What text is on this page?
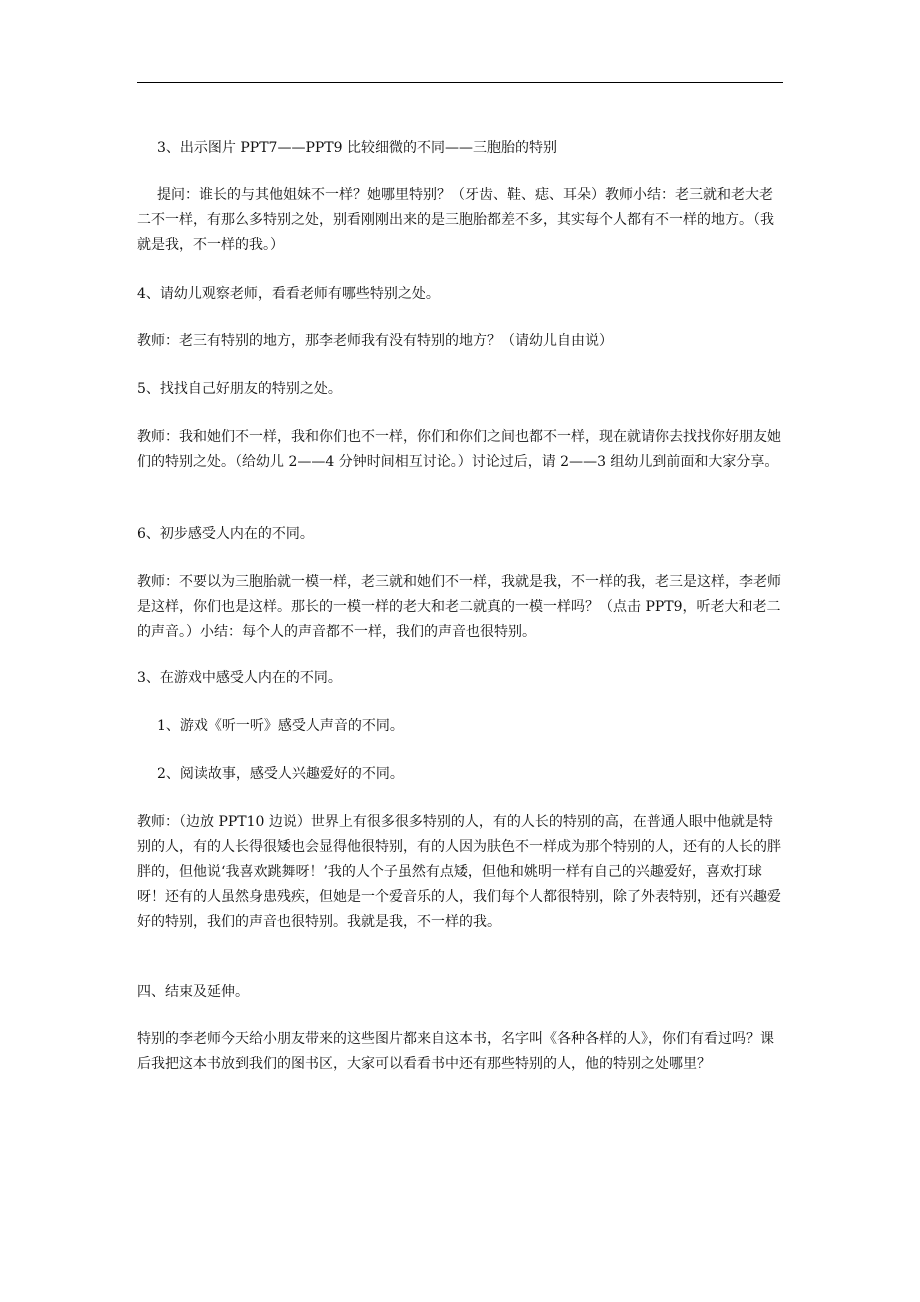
3、出示图片 PPT7——PPT9 比较细微的不同——三胞胎的特别
提问：谁长的与其他姐妹不一样？她哪里特别？（牙齿、鞋、痣、耳朵）教师小结：老三就和老大老二不一样，有那么多特别之处，别看刚刚出来的是三胞胎都差不多，其实每个人都有不一样的地方。（我就是我，不一样的我。）
4、请幼儿观察老师，看看老师有哪些特别之处。
教师：老三有特别的地方，那李老师我有没有特别的地方？（请幼儿自由说）
5、找找自己好朋友的特别之处。
教师：我和她们不一样，我和你们也不一样，你们和你们之间也都不一样，现在就请你去找找你好朋友她们的特别之处。（给幼儿 2——4 分钟时间相互讨论。）讨论过后，请 2——3 组幼儿到前面和大家分享。
6、初步感受人内在的不同。
教师：不要以为三胞胎就一模一样，老三就和她们不一样，我就是我，不一样的我，老三是这样，李老师是这样，你们也是这样。那长的一模一样的老大和老二就真的一模一样吗？（点击 PPT9，听老大和老二的声音。）小结：每个人的声音都不一样，我们的声音也很特别。
3、在游戏中感受人内在的不同。
1、游戏《听一听》感受人声音的不同。
2、阅读故事，感受人兴趣爱好的不同。
教师：（边放 PPT10 边说）世界上有很多很多特别的人，有的人长的特别的高，在普通人眼中他就是特别的人，有的人长得很矮也会显得他很特别，有的人因为肤色不一样成为那个特别的人，还有的人长的胖胖的，但他说‘我喜欢跳舞呀！’我的人个子虽然有点矮，但他和姚明一样有自己的兴趣爱好，喜欢打球呀！还有的人虽然身患残疾，但她是一个爱音乐的人，我们每个人都很特别，除了外表特别，还有兴趣爱好的特别，我们的声音也很特别。我就是我，不一样的我。
四、结束及延伸。
特别的李老师今天给小朋友带来的这些图片都来自这本书，名字叫《各种各样的人》，你们有看过吗？课后我把这本书放到我们的图书区，大家可以看看书中还有那些特别的人，他的特别之处哪里？
